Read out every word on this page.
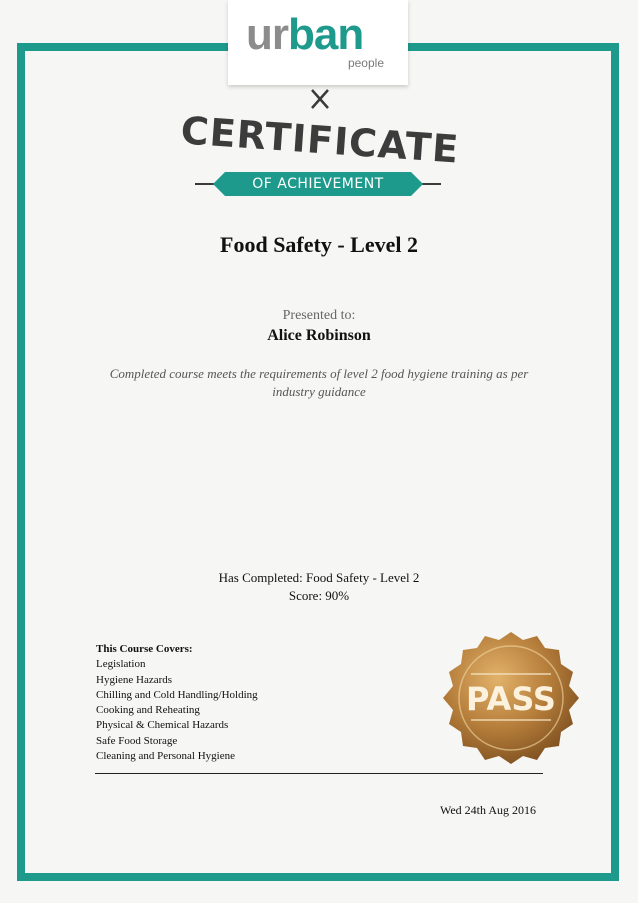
urban
people
CERTIFICATE
OF ACHIEVEMENT
Food Safety - Level 2
Presented to:
Alice Robinson
Completed course meets the requirements of level 2 food hygiene training as per industry guidance
Has Completed: Food Safety - Level 2
Score: 90%
This Course Covers:
Legislation
Hygiene Hazards
Chilling and Cold Handling/Holding
Cooking and Reheating
Physical & Chemical Hazards
Safe Food Storage
Cleaning and Personal Hygiene
PASS
Wed 24th Aug 2016
